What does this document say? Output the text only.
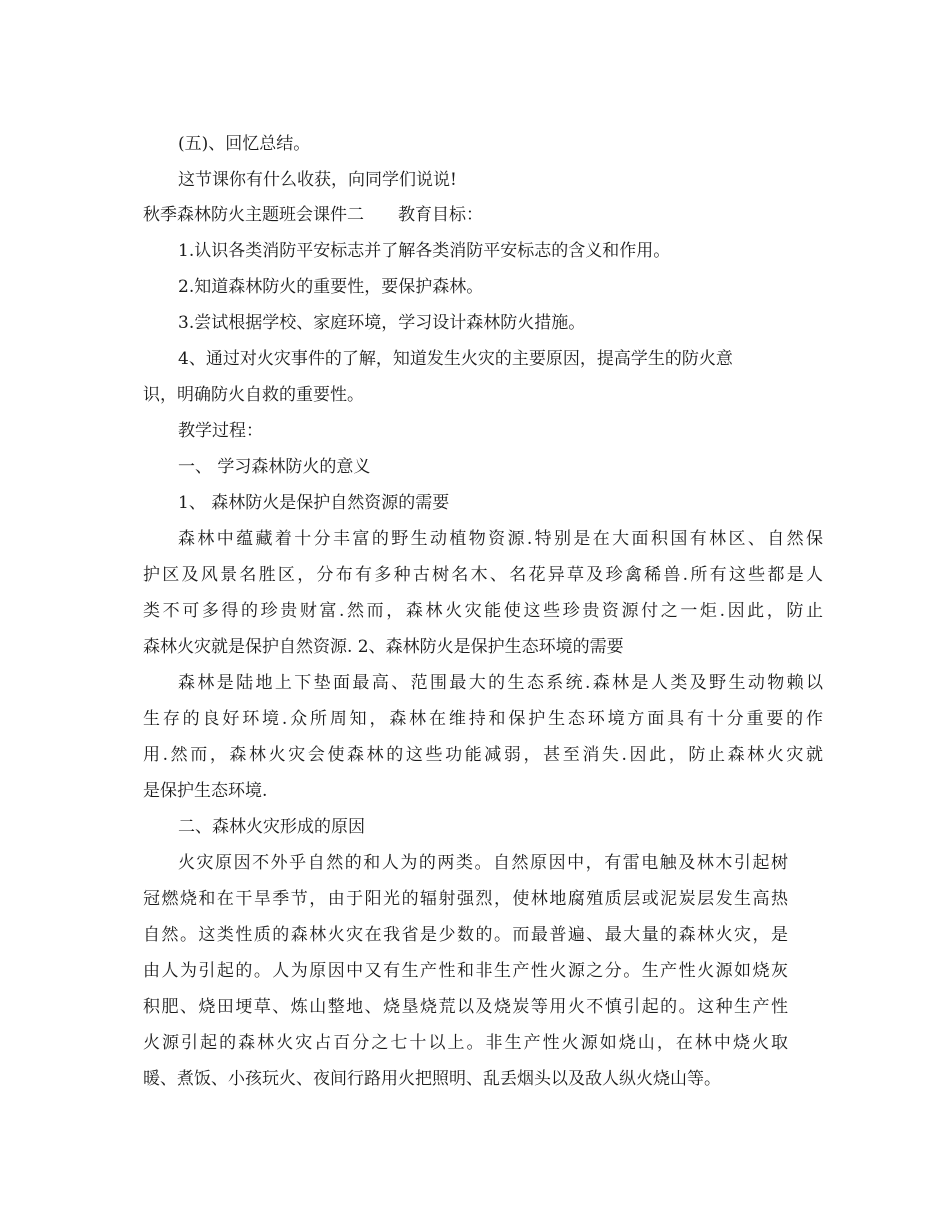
(五)、回忆总结。
这节课你有什么收获，向同学们说说!
秋季森林防火主题班会课件二　　教育目标：
1.认识各类消防平安标志并了解各类消防平安标志的含义和作用。
2.知道森林防火的重要性，要保护森林。
3.尝试根据学校、家庭环境，学习设计森林防火措施。
4、通过对火灾事件的了解，知道发生火灾的主要原因，提高学生的防火意
识，明确防火自救的重要性。
教学过程：
一、 学习森林防火的意义
1、 森林防火是保护自然资源的需要
森林中蕴藏着十分丰富的野生动植物资源.特别是在大面积国有林区、自然保
护区及风景名胜区，分布有多种古树名木、名花异草及珍禽稀兽.所有这些都是人
类不可多得的珍贵财富.然而，森林火灾能使这些珍贵资源付之一炬.因此，防止
森林火灾就是保护自然资源. 2、森林防火是保护生态环境的需要
森林是陆地上下垫面最高、范围最大的生态系统.森林是人类及野生动物赖以
生存的良好环境.众所周知，森林在维持和保护生态环境方面具有十分重要的作
用.然而，森林火灾会使森林的这些功能减弱，甚至消失.因此，防止森林火灾就
是保护生态环境.
二、森林火灾形成的原因
火灾原因不外乎自然的和人为的两类。自然原因中，有雷电触及林木引起树
冠燃烧和在干旱季节，由于阳光的辐射强烈，使林地腐殖质层或泥炭层发生高热
自然。这类性质的森林火灾在我省是少数的。而最普遍、最大量的森林火灾，是
由人为引起的。人为原因中又有生产性和非生产性火源之分。生产性火源如烧灰
积肥、烧田埂草、炼山整地、烧垦烧荒以及烧炭等用火不慎引起的。这种生产性
火源引起的森林火灾占百分之七十以上。非生产性火源如烧山，在林中烧火取
暖、煮饭、小孩玩火、夜间行路用火把照明、乱丢烟头以及敌人纵火烧山等。
